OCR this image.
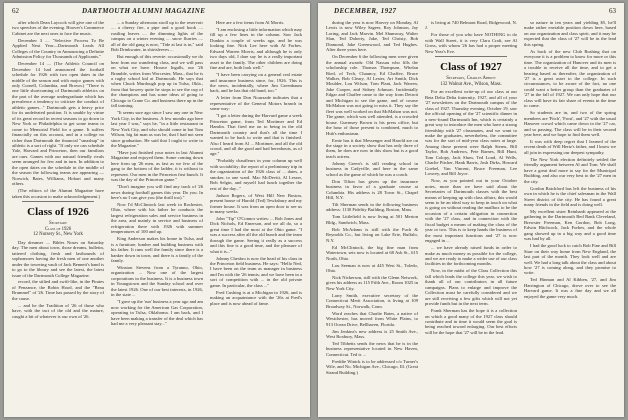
62	DARTMOUTH ALUMNI MAGAZINE

after which Dean Laycock will give one of the two speeches of the evening. Hoover's Commerce Cabinet are the next ones to face the music.

December 3 .... "Selective Process To Be Applied Next Year—Dartmouth Leads All Colleges of the Country in Announcing a Definite Admission Policy for Thousands of Applicants."

December 14 .... (The Athletic Council on December 14 had announced the football schedule for 1926 with two open dates in the middle of the season and with major games with only Cornell, Columbia, and Brown.) "There is one little shortcoming of Dartmouth athletics on the part of the average undergraduate which has prevalence a tendency to criticize the conduct of athletic games..." Dartmouth gets a heavy price for its undefeated position. It is unable by virtue of its great record in recent seasons to go down to New York or Philadelphia to get some teams to come to Memorial Field for a game. It suffers financially on this account, and in a college no richer than Dartmouth the financial "smashup" in athletic is a sort of right. "If only we can schedule Yale, Harvard and Princeton, then our familiars are ours. Games with our natural friendly rivals seem arranged for few and in turn. In addition to the open dates on the schedule in the middle of the season the following teams are appearing — Norwich, Bates, Williams, Hobart and many others.

(The editors of the Alumni Magazine have taken this occasion to make acknowledgement.)

Class of 1926

Secretary

Class of 1926

12 Nursery St., New York

Day dreamer .... Bibles Noses on Saturday day. The men about town, those dreams, bulletin, tattered clothing, fresh and lastbounds of sophomores having the fresh men of one another under the towering vault of Jack Bennett's hand is to go to the library and see the latest, the latest issue of the Dartmouth College Magazine.

record, the stilted and swift-like, in the Pirates of Penzance, the Robin Hood, and the "Beau Brummel" of '26. Time has passed by the story of the cause.

... and be the Tradition of '26 of those who have, with the tact of the old and the mature, caught a bit of whatever is our own of '26.

... a Sunday afternoon stroll up to the reservoir .... a cheery fire, a pipe and a good book .... rustling leaves .... the dimming lights of the campus on a winter evening .... snow flurries .... all of the old gang is now, "Tide at last is in," said Bob Drinkwater, in shirtsleeves ...

But enough of this reverie: occasionally we do hear from our wandering class, and we will pass on what we have. Horace Ingalls, our '26 Bramble, writes from Worcester, Mass., that he is a rugby school kid at Dartmouth. He says that when Chuck Murdough pop up in Tulsa, Okla., from that bowery quite he stops to see the cup of the champions and has some ideas of going to Chicago to Crane Co. and business there up in the fall training.

"It seems sure ago since I saw any one in New York City, in the business. A few months ago here last year I was," says he, "in a little restaurant in New York City, and who should come in but Tom Wilson, big fat man as was he, that I had not seen since graduation. He said that I ought to write to the Magazine."

"Have just finished your notes in last Alumni Magazine and enjoyed them. Some coming down here from up '26 men, as fast as we few of the gang to the bottom of the ladder, it is without to represent. Our men in the Princeton first bunch. It was the day of the Princeton game."

"Don't imagine you will find any track of '26 news during football games this year. Do you. In here's no I can give you (the thrill too)."

Now I'd McClintock last week in Rochester, Ohio, where with his father he conducts the largest refrigeration sales and service business in the area, and mainly in service and business of refrigeration there with 1926 with summer temperatures of 100 and up.

King Anderson makes his home in Tulsa, and is a furniture, lumber and building business with his father. It runs well the family since there is a banker down in town, and there is a family of the family.

Winston Stevens from a Tyranno, Ohio, organization ... Now one of the largest corporations in the business. It is a business town in Youngstown and the Sunday school and over the latest 1926. One of our best interests, in 1926, in the state ...

"I gave up the 'run' business a year ago and am now working for the American Gas Corporation, operating in Tulsa, Oklahoma. I am back, and I have been making a transfer of the deal which has had me a very pleasant stay..."

Here are a few items from Al Morris.

"I am enclosing a little information which may fill up a few lines in the column. Saw Jack Dunkin a couple of weeks ago, and he was looking fine. Nick Lee here with Al Forbes. Edward Warren Morris, and although he is only two days old, I dare say he is a really important asset to the family. The other children are doing fine and are, both look well."

"I have been carrying on a general real estate and insurance business since, for, 1926. This is the news, incidentally, where Jim Greenbaum back, and he has that old hand, too."

A letter from Don Nourzade indicates that a representative of the General Motors branch in some way:

"I got a letter during the Harvard game a week Princeton game, from Ted Mortimer and Ed Hamlin. That fired me on to being in the old Dartmouth country and that's all the time I wanted to be back to write and that is finished. Also I heard from Al ... Mortimer, and all the old crowd, and all the good and bad hereabouts, as of age."

"Probably chauffeurs in your column up well with sociability; the report of a preliminary trip in the organization of the 1926 class of ... dates, a smoker, to one ward. Mac McDevitt, Al Lesser, Bob Selgin, and myself had lunch together the rest of the day..."

Judson Rogers, of West Hill New Boston, present house of Harold (Ted) Tewksbury and my former house. It was from an open door to see us in many weeks.

John "Tip" O'Connor writes: ... Bob Jones and Dick Nichols, Ed Emerson, and we all do, so a great time I had the most at the Ohio game. "I was a success after all the old bunch and the team through the game. Seeing it really as a success and this fine is a good time, and the pleasure of what it is..."

Johnny Chesbro is now the head of his class in the Princeton field business. He says: "Hello Ned, I have been on the team as manager in business and I'm with the '26 tennis; and we have been in a sort of competition with ... in the old private game. In particular, the class ..."

Fred Cushing is at a Michigan in 1926, and is making an acquaintance with the '26s at Fred's place and is now ahead of fame.

DECEMBER, 1927	63

during the year is now Harvey on Monday, Al Lewis is now Wiley Sageer, Roy Johnson, Jay Loring, and Jack Marvin. Mel Shumway, Walter Slan, Ted Doherty, Jake, Ted Christy, Bob Diamond, Jake Greenwood, and Ted Hughes. After three years here.

On December 6 the following men were given the annual awards: Old Nassau who fills the scholarship role. Thomas Thompson, Whelan Ried, of Tech, Chauncy, Ed Chaffee, Bruce Walker, Bob Cleary, Al Lester, Art Smith, Dick Moulder, Lou Wilson, Tom Plant, Jack Warren, Jake Cooper, and Sidney Johnson. Incidentally Edgar and Chaffee came to the way from Detroit and Michigan to see the game, and of course McMahon was not going to miss it. They say the fleet was well worked on that McMahon was not. The game, which was well attended, is a crowded house. Guernsey Brown is his press office, but the hour of those present is combined, much to Hub's enthusiasm.

Ernie has it that Messenger and Harold are on the stage in a society show that has only three of them, he does are now in this show but is a good teach actress.

Johnny Green's is still reading school in business in Cadyville, and here in the same school as the game of which he was a coach.

Don Tilton has given up the insurance business in favor of a graduate course at Columbia. His address is 28 Town St., Chapel Hill, N.Y.

Tilt Sherman sends in the following business address: 1130 Fidelity Building, Boston, Mass.

Tom Littlefield is now living at 501 Merton Bldg., Sandwich, Mass.

Bob McAdams is still with the Fuch & Reynolds Co., but living on Lake Erie, Buffalo, N.Y.

Ed McClintock, the big fine man from Watertown, sets now is located at 68 Ash St., 615 North, Ohio.

Lou Seeman is now at 445 West St., Toledo, Ohio.

Nick Nickerson, still with the Glenn Network, gives his address as 115 Fifth Ave., Room 1025 in New York City.

Larry Smith, executive secretary of the Connecticut Merit Association, is living at 109 Broadway St., Norwalk, Conn.

Word reaches that Charlie Bates, a native of Westchester, has moved from White Plains, to 913 Ocean Drive, Bellhaven, Florida.

Jim Jenkins's new address is 25 Smith Ave., West Roxbury, Mass.

Ted Tibbetts sends the news that he is in the business representative located in New Haven, Connecticut. Ted is ...

Freddie Winick is to be addressed c/o Turner's Wile, and No. Michigan Ave., Chicago, Ill. (Great Strand Building.)

is living at 740 Belmont Road, Ridgewood, N. J.

For those of you who have NOTHING to do with Wall Street, it is very Clara Craft, see Al Gross, with whom '26 has had a proper meeting New Year's Eve.

Class of 1927

Secretary, Charles Abbott

132 Walnut Ave., Wilson, Mass.

For an excellent write-up of our class at our Beta Delta Delta fraternity, 1927, and all of your '27 newsletters on the Dartmouth campus of the class of 1927. Thursday evening, October 19, saw the official opening of the '27 scientific dinner in a new-found Dartmouth Inn, which is certainly a great way to introduce the men who have a strong friendship with '27 classmates, and we want to make the graduates, nevertheless, the committee was for the sort of mid-year class notes at large. Among those present were Ralph Sterns, Bill Taylor, Bob Andrews, Pete Barnes, Bill Hunt, Tom Colopy, Jack Shaw, Ted Loud, Al Wells, Charlie Pitcher, Hank Barris, Josh Dirks, Howard Goebel, Van Vincent, Bruce Freeman, Lee Lowrey, and Bill Joyce.

Now, as you pointed out in your October notes, more than we have said about the Secretaries of Dartmouth classes with the best means of keeping up with class affairs, this would seem to be an ideal way to keep in touch on what is going on without reading the mailbox to be the occasion of a certain obligation in connection with the '27 class, and in connection with the fiscal budget a means of making the class of the year or two. This is to keep hands the business of the most important functions and '27 is now engaged in ...

... we have already raised funds in order to make as much money as possible for the college, and we are ready to make a wider use of our class facilities in the forthcoming months.

Now, in the midst of the Class Collection this fall which leads the college this year, we wish to thank all of our contributors in all future campaigns. Plans to enlarge and improve the Collection must be carefully considered and we are still receiving a few gifts which will not yet provide funds but in the next term.

Frank Sherman has the hope it is a collection on which a good many of the 1927 class should contribute and in time it would seem the goal is being reached toward enlarging. Our best efforts will be the hope that '27 will be in the lead.

so nature in ten years and yielding $5, he'll make rather enviable position down here, based on our organization and class spirit, and it may be expected that the class of '27 will be in the lead this spring.

As back of the new Club Rushing that on everyone it is a problem to know for more or this time. The organization of Hanover and its men is a trouble to receive all the time, and to get a bearing based as thereafter, the organization of '27 is a great asset to the college. In such circumstances, to be aware of the fact, no one could want a better group than the graduates of '27 in the fall of 1927. We can only hope that our class will have its fair share of events in the time to come.

So students are in, and two of the spring members are 'Fitch', 'Frost', and '27 with the usual Hanover crowd which came down in the '27 car, and so passing. The class will be in their second year here, and we hope to find them well.

It was with deep regret that I learned of the recent death of Will Hertz's father, and I know we all join in expressing our deepest sympathy.

The New York election definitely settled the friendly argument between Al and Tom. We shall have a great deal more to say for the Municipal Building, and also our very best to the '27 men in the city.

Gordon Ratchford has left the business of his own in which he is the chief salesman in the Wall Street district of the city. He has found a great many friends in the field and is doing well.

My excellent sister Reinhardt appeared at the gathering in the Dartmouth Red Bank Cleveland, Brewster Freeman, Ken Gordon, Bob Long, Edwin Hitchcock, Jack Forbes, and the whole gang showed up in a big way and a good time was had by all.

I had the good luck to catch Bob Fine and Bill Starr on their way home from New England, the last part of the month. They look well and are well. We had a long talk about the class and about how '27 is coming along, and they promise to write.

Ted Hinman and Al Kibben, '27, and Jim Harrington of Chicago, drove over to see the Harvard game. It was a fine day and we all enjoyed the game very much.
